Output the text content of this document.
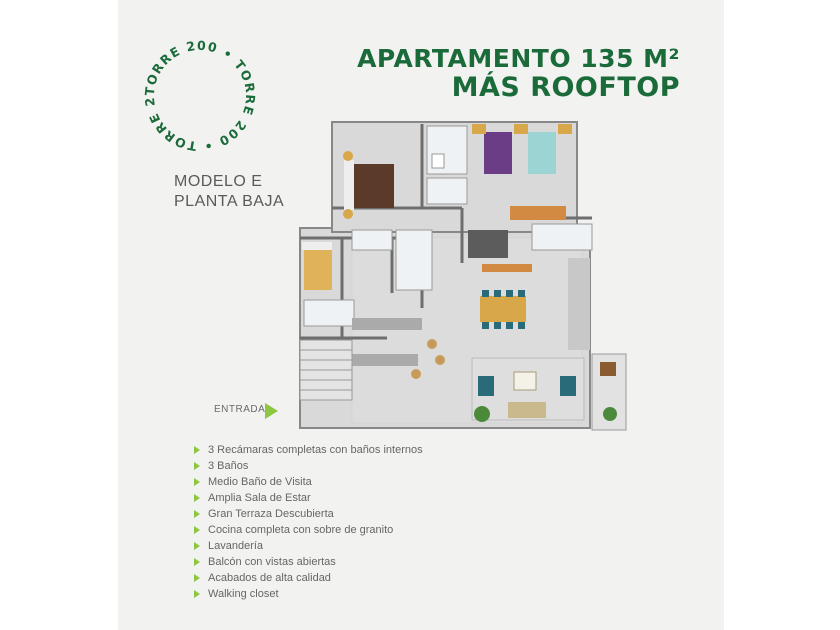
TORRE 200 • TORRE 200 • TORRE 2
APARTAMENTO 135 M²
MÁS ROOFTOP
MODELO E
PLANTA BAJA
ENTRADA
3 Recámaras completas con baños internos
3 Baños
Medio Baño de Visita
Amplia Sala de Estar
Gran Terraza Descubierta
Cocina completa con sobre de granito
Lavandería
Balcón con vistas abiertas
Acabados de alta calidad
Walking closet
